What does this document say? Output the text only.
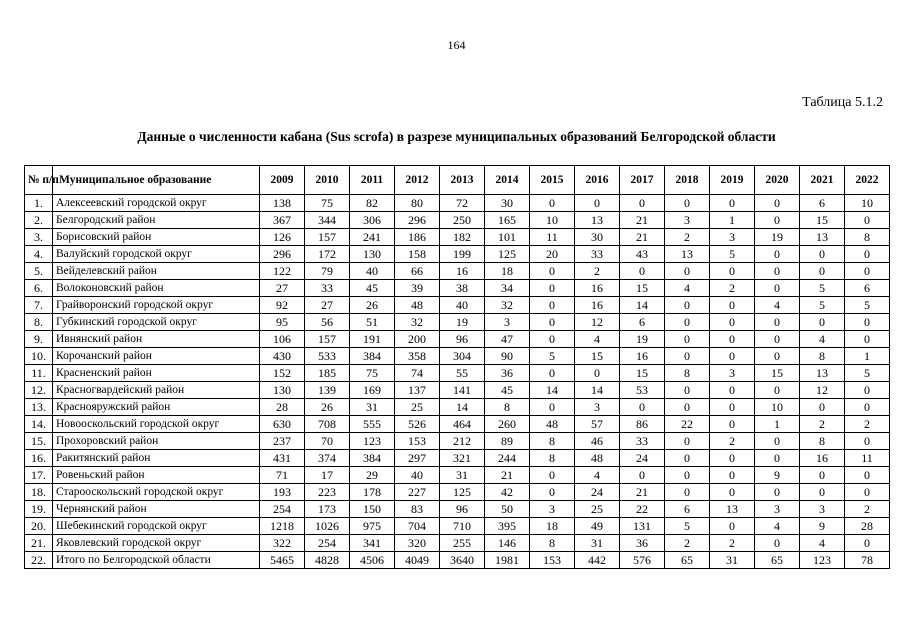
164
Таблица 5.1.2
Данные о численности кабана (Sus scrofa) в разрезе муниципальных образований Белгородской области
№ п/п	Муниципальное образование	2009	2010	2011	2012	2013	2014	2015	2016	2017	2018	2019	2020	2021	2022
1.	Алексеевский городской округ	138	75	82	80	72	30	0	0	0	0	0	0	6	10
2.	Белгородский район	367	344	306	296	250	165	10	13	21	3	1	0	15	0
3.	Борисовский район	126	157	241	186	182	101	11	30	21	2	3	19	13	8
4.	Валуйский городской округ	296	172	130	158	199	125	20	33	43	13	5	0	0	0
5.	Вейделевский район	122	79	40	66	16	18	0	2	0	0	0	0	0	0
6.	Волоконовский район	27	33	45	39	38	34	0	16	15	4	2	0	5	6
7.	Грайворонский городской округ	92	27	26	48	40	32	0	16	14	0	0	4	5	5
8.	Губкинский городской округ	95	56	51	32	19	3	0	12	6	0	0	0	0	0
9.	Ивнянский район	106	157	191	200	96	47	0	4	19	0	0	0	4	0
10.	Корочанский район	430	533	384	358	304	90	5	15	16	0	0	0	8	1
11.	Красненский район	152	185	75	74	55	36	0	0	15	8	3	15	13	5
12.	Красногвардейский район	130	139	169	137	141	45	14	14	53	0	0	0	12	0
13.	Краснояружский район	28	26	31	25	14	8	0	3	0	0	0	10	0	0
14.	Новооскольский городской округ	630	708	555	526	464	260	48	57	86	22	0	1	2	2
15.	Прохоровский район	237	70	123	153	212	89	8	46	33	0	2	0	8	0
16.	Ракитянский район	431	374	384	297	321	244	8	48	24	0	0	0	16	11
17.	Ровеньский район	71	17	29	40	31	21	0	4	0	0	0	9	0	0
18.	Старооскольский городской округ	193	223	178	227	125	42	0	24	21	0	0	0	0	0
19.	Чернянский район	254	173	150	83	96	50	3	25	22	6	13	3	3	2
20.	Шебекинский городской округ	1218	1026	975	704	710	395	18	49	131	5	0	4	9	28
21.	Яковлевский городской округ	322	254	341	320	255	146	8	31	36	2	2	0	4	0
22.	Итого по Белгородской области	5465	4828	4506	4049	3640	1981	153	442	576	65	31	65	123	78
